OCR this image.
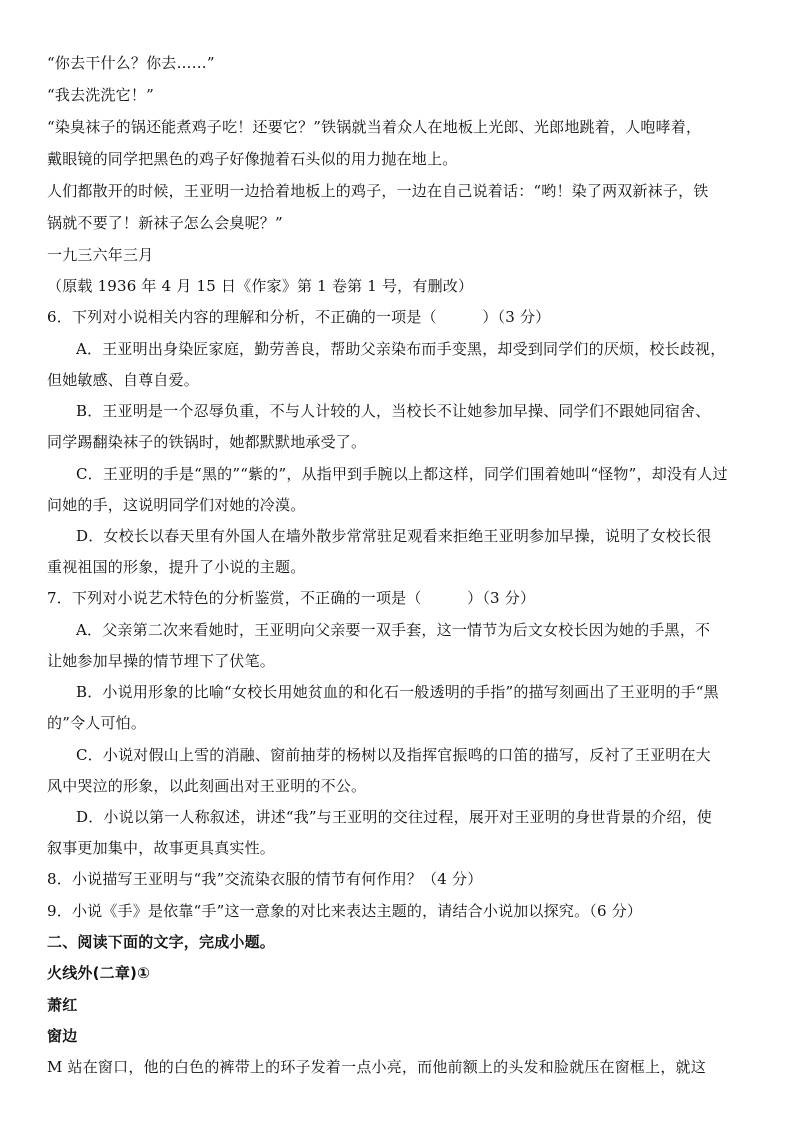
“你去干什么？你去……”
“我去洗洗它！”
“染臭袜子的锅还能煮鸡子吃！还要它？”铁锅就当着众人在地板上光郎、光郎地跳着，人咆哮着，
戴眼镜的同学把黑色的鸡子好像抛着石头似的用力抛在地上。
人们都散开的时候，王亚明一边拾着地板上的鸡子，一边在自己说着话：“哟！染了两双新袜子，铁
锅就不要了！新袜子怎么会臭呢？”
一九三六年三月
（原载 1936 年 4 月 15 日《作家》第 1 卷第 1 号，有删改）
6．下列对小说相关内容的理解和分析，不正确的一项是（　　　）（3 分）
A．王亚明出身染匠家庭，勤劳善良，帮助父亲染布而手变黑，却受到同学们的厌烦，校长歧视，
但她敏感、自尊自爱。
B．王亚明是一个忍辱负重，不与人计较的人，当校长不让她参加早操、同学们不跟她同宿舍、
同学踢翻染袜子的铁锅时，她都默默地承受了。
C．王亚明的手是“黑的”“紫的”，从指甲到手腕以上都这样，同学们围着她叫“怪物”，却没有人过
问她的手，这说明同学们对她的冷漠。
D．女校长以春天里有外国人在墙外散步常常驻足观看来拒绝王亚明参加早操，说明了女校长很
重视祖国的形象，提升了小说的主题。
7．下列对小说艺术特色的分析鉴赏，不正确的一项是（　　　）（3 分）
A．父亲第二次来看她时，王亚明向父亲要一双手套，这一情节为后文女校长因为她的手黑，不
让她参加早操的情节埋下了伏笔。
B．小说用形象的比喻“女校长用她贫血的和化石一般透明的手指”的描写刻画出了王亚明的手“黑
的”令人可怕。
C．小说对假山上雪的消融、窗前抽芽的杨树以及指挥官振鸣的口笛的描写，反衬了王亚明在大
风中哭泣的形象，以此刻画出对王亚明的不公。
D．小说以第一人称叙述，讲述“我”与王亚明的交往过程，展开对王亚明的身世背景的介绍，使
叙事更加集中，故事更具真实性。
8．小说描写王亚明与“我”交流染衣服的情节有何作用？（4 分）
9．小说《手》是依靠“手”这一意象的对比来表达主题的，请结合小说加以探究。（6 分）
二、阅读下面的文字，完成小题。
火线外(二章)①
萧红
窗边
M 站在窗口，他的白色的裤带上的环子发着一点小亮，而他前额上的头发和脸就压在窗框上，就这
